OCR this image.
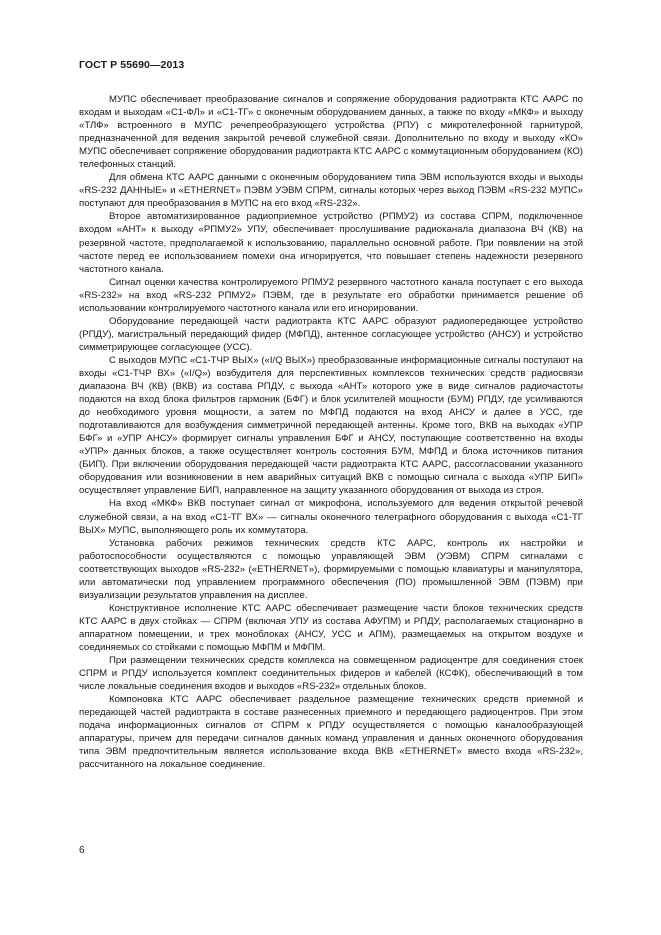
ГОСТ Р 55690—2013

МУПС обеспечивает преобразование сигналов и сопряжение оборудования радиотракта КТС ААРС по входам и выходам «С1-ФЛ» и «С1-ТГ» с оконечным оборудованием данных, а также по входу «МКФ» и выходу «ТЛФ» встроенного в МУПС речепреобразующего устройства (РПУ) с микротелефонной гарнитурой, предназначенной для ведения закрытой речевой служебной связи. Дополнительно по входу и выходу «КО» МУПС обеспечивает сопряжение оборудования радиотракта КТС ААРС с коммутационным оборудованием (КО) телефонных станций.

Для обмена КТС ААРС данными с оконечным оборудованием типа ЭВМ используются входы и выходы «RS-232 ДАННЫЕ» и «ETHERNET» ПЭВМ УЭВМ СПРМ, сигналы которых через выход ПЭВМ «RS-232 МУПС» поступают для преобразования в МУПС на его вход «RS-232».

Второе автоматизированное радиоприемное устройство (РПМУ2) из состава СПРМ, подключенное входом «АНТ» к выходу «РПМУ2» УПУ, обеспечивает прослушивание радиоканала диапазона ВЧ (КВ) на резервной частоте, предполагаемой к использованию, параллельно основной работе. При появлении на этой частоте перед ее использованием помехи она игнорируется, что повышает степень надежности резервного частотного канала.

Сигнал оценки качества контролируемого РПМУ2 резервного частотного канала поступает с его выхода «RS-232» на вход «RS-232 РПМУ2» ПЭВМ, где в результате его обработки принимается решение об использовании контролируемого частотного канала или его игнорировании.

Оборудование передающей части радиотракта КТС ААРС образуют радиопередающее устройство (РПДУ), магистральный передающий фидер (МФПД), антенное согласующее устройство (АНСУ) и устройство симметрирующее согласующее (УСС).

С выходов МУПС «С1-ТЧР ВЫХ» («I/Q ВЫХ») преобразованные информационные сигналы поступают на входы «С1-ТЧР ВХ» («I/Q») возбудителя для перспективных комплексов технических средств радиосвязи диапазона ВЧ (КВ) (ВКВ) из состава РПДУ, с выхода «АНТ» которого уже в виде сигналов радиочастоты подаются на вход блока фильтров гармоник (БФГ) и блок усилителей мощности (БУМ) РПДУ, где усиливаются до необходимого уровня мощности, а затем по МФПД подаются на вход АНСУ и далее в УСС, где подготавливаются для возбуждения симметричной передающей антенны. Кроме того, ВКВ на выходах «УПР БФГ» и «УПР АНСУ» формирует сигналы управления БФГ и АНСУ, поступающие соответственно на входы «УПР» данных блоков, а также осуществляет контроль состояния БУМ, МФПД и блока источников питания (БИП). При включении оборудования передающей части радиотракта КТС ААРС, рассогласовании указанного оборудования или возникновении в нем аварийных ситуаций ВКВ с помощью сигнала с выхода «УПР БИП» осуществляет управление БИП, направленное на защиту указанного оборудования от выхода из строя.

На вход «МКФ» ВКВ поступает сигнал от микрофона, используемого для ведения открытой речевой служебной связи, а на вход «С1-ТГ ВХ» — сигналы оконечного телеграфного оборудования с выхода «С1-ТГ ВЫХ» МУПС, выполняющего роль их коммутатора.

Установка рабочих режимов технических средств КТС ААРС, контроль их настройки и работоспособности осуществляются с помощью управляющей ЭВМ (УЭВМ) СПРМ сигналами с соответствующих выходов «RS-232» («ETHERNET»), формируемыми с помощью клавиатуры и манипулятора, или автоматически под управлением программного обеспечения (ПО) промышленной ЭВМ (ПЭВМ) при визуализации результатов управления на дисплее.

Конструктивное исполнение КТС ААРС обеспечивает размещение части блоков технических средств КТС ААРС в двух стойках — СПРМ (включая УПУ из состава АФУПМ) и РПДУ, располагаемых стационарно в аппаратном помещении, и трех моноблоках (АНСУ, УСС и АПМ), размещаемых на открытом воздухе и соединяемых со стойками с помощью МФПМ и МФПМ.

При размещении технических средств комплекса на совмещенном радиоцентре для соединения стоек СПРМ и РПДУ используется комплект соединительных фидеров и кабелей (КСФК), обеспечивающий в том числе локальные соединения входов и выходов «RS-232» отдельных блоков.

Компоновка КТС ААРС обеспечивает раздельное размещение технических средств приемной и передающей частей радиотракта в составе разнесенных приемного и передающего радиоцентров. При этом подача информационных сигналов от СПРМ к РПДУ осуществляется с помощью каналообразующей аппаратуры, причем для передачи сигналов данных команд управления и данных оконечного оборудования типа ЭВМ предпочтительным является использование входа ВКВ «ETHERNET» вместо входа «RS-232», рассчитанного на локальное соединение.

6
